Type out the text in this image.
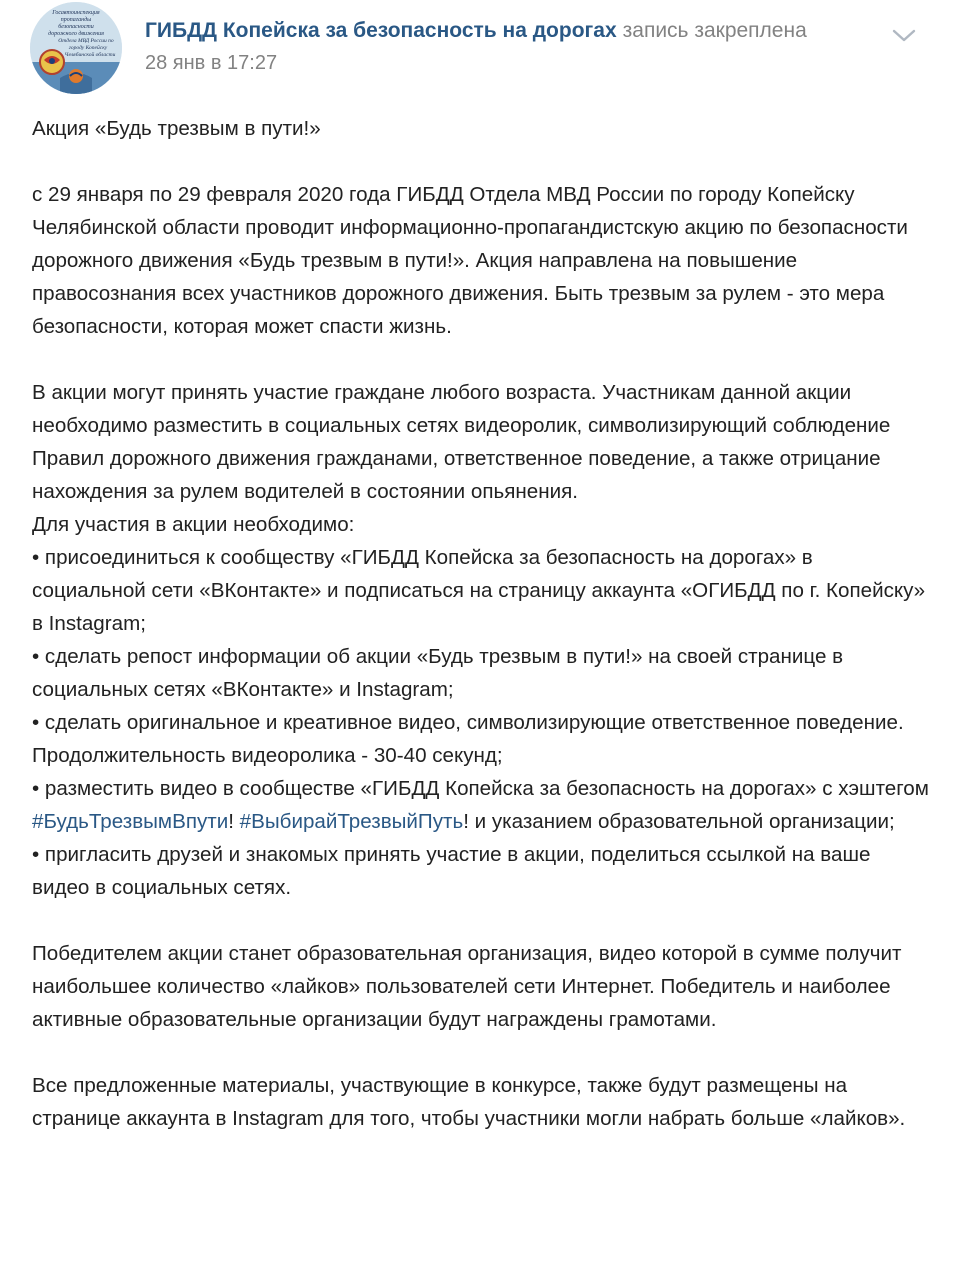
Госавтоинспекция
пропаганды
безопасности
дорожного движения
Отдела МВД России по
городу Копейску
Челябинской области
ГИБДД Копейска за безопасность на дорогах запись закреплена
28 янв в 17:27

Акция «Будь трезвым в пути!»

с 29 января по 29 февраля 2020 года ГИБДД Отдела МВД России по городу Копейску Челябинской области проводит информационно-пропагандистскую акцию по безопасности дорожного движения «Будь трезвым в пути!». Акция направлена на повышение правосознания всех участников дорожного движения. Быть трезвым за рулем - это мера безопасности, которая может спасти жизнь.

В акции могут принять участие граждане любого возраста. Участникам данной акции необходимо разместить в социальных сетях видеоролик, символизирующий соблюдение Правил дорожного движения гражданами, ответственное поведение, а также отрицание нахождения за рулем водителей в состоянии опьянения.

Для участия в акции необходимо:

• присоединиться к сообществу «ГИБДД Копейска за безопасность на дорогах» в социальной сети «ВКонтакте» и подписаться на страницу аккаунта «ОГИБДД по г. Копейску» в Instagram;

• сделать репост информации об акции «Будь трезвым в пути!» на своей странице в социальных сетях «ВКонтакте» и Instagram;

• сделать оригинальное и креативное видео, символизирующие ответственное поведение. Продолжительность видеоролика - 30-40 секунд;

• разместить видео в сообществе «ГИБДД Копейска за безопасность на дорогах» с хэштегом #БудьТрезвымВпути! #ВыбирайТрезвыйПуть! и указанием образовательной организации;

• пригласить друзей и знакомых принять участие в акции, поделиться ссылкой на ваше видео в социальных сетях.

Победителем акции станет образовательная организация, видео которой в сумме получит наибольшее количество «лайков» пользователей сети Интернет. Победитель и наиболее активные образовательные организации будут награждены грамотами.

Все предложенные материалы, участвующие в конкурсе, также будут размещены на странице аккаунта в Instagram для того, чтобы участники могли набрать больше «лайков».
